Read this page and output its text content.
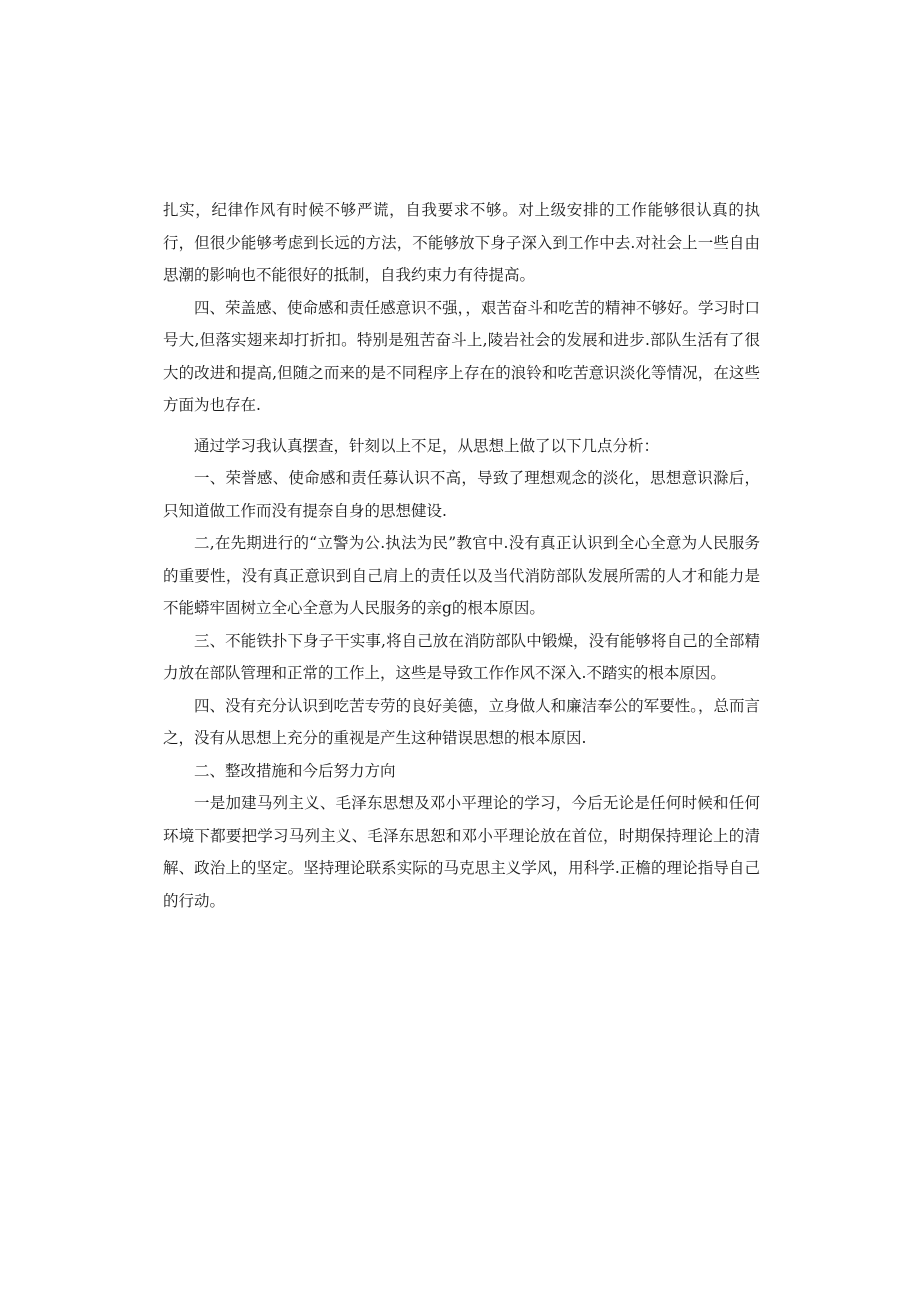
扎实，纪律作风有时候不够严谎，自我要求不够。对上级安排的工作能够很认真的执行，但很少能够考虑到长远的方法，不能够放下身子深入到工作中去.对社会上一些自由思潮的影响也不能很好的抵制，自我约束力有待提高。

四、荣盖感、使命感和责任感意识不强，，艰苦奋斗和吃苦的精神不够好。学习时口号大,但落实翅来却打折扣。特别是殂苦奋斗上,陵岩社会的发展和进步.部队生活有了很大的改进和提高,但随之而来的是不同程序上存在的浪铃和吃苦意识淡化等情况，在这些方面为也存在.

通过学习我认真摆查，针刻以上不足，从思想上做了以下几点分析：

一、荣誉感、使命感和责任募认识不高，导致了理想观念的淡化，思想意识滁后，只知道做工作而没有提奈自身的思想健设.

二,在先期进行的“立警为公.执法为民”教官中.没有真正认识到全心全意为人民服务的重要性，没有真正意识到自己肩上的责任以及当代消防部队发展所需的人才和能力是不能蟒牢固树立全心全意为人民服务的亲g的根本原因。

三、不能铁扑下身子干实事,将自己放在消防部队中锻燥，没有能够将自己的全部精力放在部队管理和正常的工作上，这些是导致工作作风不深入.不踏实的根本原因。

四、没有充分认识到吃苦专劳的良好美德，立身做人和廉洁奉公的军要性。，总而言之，没有从思想上充分的重视是产生这种错误思想的根本原因.

二、整改措施和今后努力方向

一是加建马列主义、毛泽东思想及邓小平理论的学习，今后无论是任何时候和任何环境下都要把学习马列主义、毛泽东思恕和邓小平理论放在首位，时期保持理论上的清解、政治上的坚定。坚持理论联系实际的马克思主义学风，用科学.正檐的理论指导自己的行动。
